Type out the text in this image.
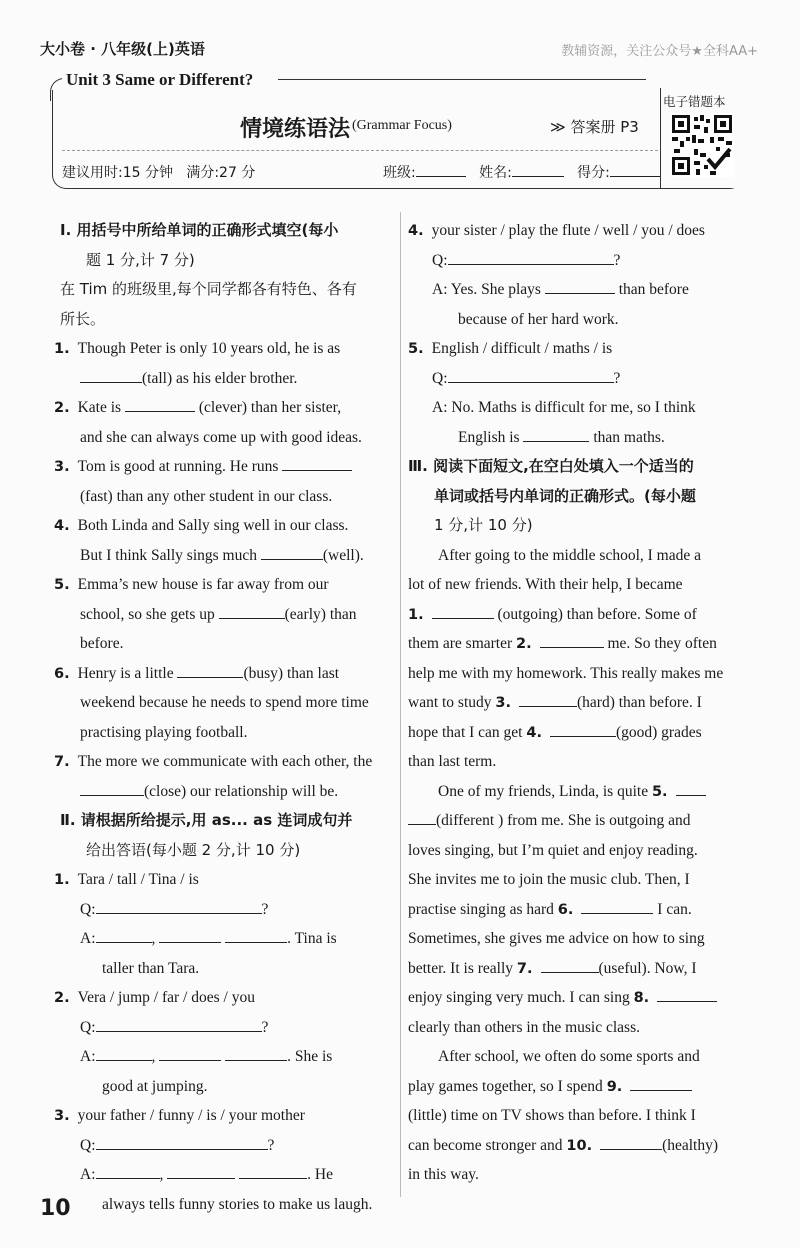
大小卷 · 八年级(上)英语	教辅资源，关注公众号★全科AA+
Unit 3 Same or Different?
情境练语法 (Grammar Focus)	≫ 答案册 P3
建议用时:15 分钟 满分:27 分	班级:	姓名:	得分:
电子错题本
Ⅰ. 用括号中所给单词的正确形式填空(每小
题 1 分,计 7 分)
在 Tim 的班级里,每个同学都各有特色、各有
所长。
1. Though Peter is only 10 years old, he is as
(tall) as his elder brother.
2. Kate is	(clever) than her sister,
and she can always come up with good ideas.
3. Tom is good at running. He runs
(fast) than any other student in our class.
4. Both Linda and Sally sing well in our class.
But I think Sally sings much	(well).
5. Emma’s new house is far away from our
school, so she gets up	(early) than
before.
6. Henry is a little	(busy) than last
weekend because he needs to spend more time
practising playing football.
7. The more we communicate with each other, the
(close) our relationship will be.
Ⅱ. 请根据所给提示,用 as... as 连词成句并
给出答语(每小题 2 分,计 10 分)
1. Tara / tall / Tina / is
Q:	?
A:	,	. Tina is
taller than Tara.
2. Vera / jump / far / does / you
Q:	?
A:	,	. She is
good at jumping.
3. your father / funny / is / your mother
Q:	?
A:	,	. He
always tells funny stories to make us laugh.
4. your sister / play the flute / well / you / does
Q:	?
A: Yes. She plays	than before
because of her hard work.
5. English / difficult / maths / is
Q:	?
A: No. Maths is difficult for me, so I think
English is	than maths.
Ⅲ. 阅读下面短文,在空白处填入一个适当的
单词或括号内单词的正确形式。(每小题
1 分,计 10 分)
After going to the middle school, I made a
lot of new friends. With their help, I became
1.	(outgoing) than before. Some of
them are smarter 2.	me. So they often
help me with my homework. This really makes me
want to study 3.	(hard) than before. I
hope that I can get 4.	(good) grades
than last term.
One of my friends, Linda, is quite 5.
(different ) from me. She is outgoing and
loves singing, but I’m quiet and enjoy reading.
She invites me to join the music club. Then, I
practise singing as hard 6.	I can.
Sometimes, she gives me advice on how to sing
better. It is really 7.	(useful). Now, I
enjoy singing very much. I can sing 8.
clearly than others in the music class.
After school, we often do some sports and
play games together, so I spend 9.
(little) time on TV shows than before. I think I
can become stronger and 10.	(healthy)
in this way.
10
